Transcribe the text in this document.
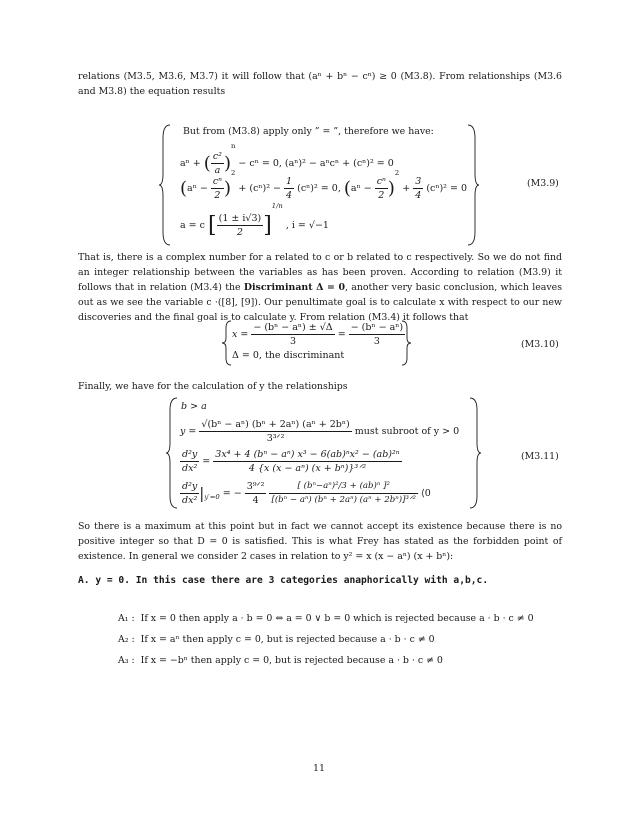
relations (M3.5, M3.6, M3.7) it will follow that (aⁿ + bⁿ − cⁿ) ≥ 0 (M3.8). From relationships (M3.6 and M3.8) the equation results
But from (M3.8) apply only ” = ”, therefore we have:
aⁿ + ( $\frac{\text{c²}}{a} )^n - c^n = 0$, (aⁿ)² − aⁿcⁿ + (cⁿ)² = 0
$(a^n - \frac{\text{cⁿ}}{2} )^2 + (c^n)^2 - \frac{1}{4} (c^n)^2 = 0$, $(a^n - \frac{\text{cⁿ}}{2} )^2 + \frac{3}{4} (c^n)^2 = 0$
a = c [ $\frac{(1 \pm i√3)}{2} ]^{1/n}$ , i = √−1
(M3.9)
That is, there is a complex number for a related to c or b related to c respectively. So we do not find an integer relationship between the variables as has been proven. According to relation (M3.9) it follows that in relation (M3.4) the Discriminant Δ = 0, another very basic conclusion, which leaves out as we see the variable c ·([8], [9]). Our penultimate goal is to calculate x with respect to our new discoveries and the final goal is to calculate y. From relation (M3.4) it follows that
$x = \frac{\text{− (bⁿ − aⁿ) ± √Δ}}{3} = \frac{\text{− (bⁿ − aⁿ)}}{3}$
Δ = 0, the discriminant
(M3.10)
Finally, we have for the calculation of y the relationships
b > a
$y = \frac{\text{√(bⁿ − aⁿ) (bⁿ + 2aⁿ) (aⁿ + 2bⁿ)}}{\text{3³ᐟ²}}$ must subroot of y > 0
$\frac{\text{d²y}}{\text{dx²}} = \frac{\text{3x⁴ + 4 (bⁿ − aⁿ) x³ − 6(ab)ⁿx² − (ab)²ⁿ}}{\text{4 \{x (x − aⁿ) (x + bⁿ)\}³ᐟ²}}$
$\frac{\text{d²y}}{\text{dx²}} |_{y'=0}$ = − $\frac{\text{3⁹ᐟ²}}{4}$
$\frac{\text{[ (bⁿ−aⁿ)²/3 + (ab)ⁿ ]²}}{\text{[(bⁿ − aⁿ) (bⁿ + 2aⁿ) (aⁿ + 2bⁿ)]³ᐟ²}}$ ⟨0
(M3.11)
So there is a maximum at this point but in fact we cannot accept its existence because there is no positive integer so that D = 0 is satisfied. This is what Frey has stated as the forbidden point of existence. In general we consider 2 cases in relation to y² = x (x − aⁿ) (x + bⁿ):
A. y = 0. In this case there are 3 categories anaphorically with a,b,c.
A₁ : If x = 0 then apply a · b = 0 ⇔ a = 0 ∨ b = 0 which is rejected because a · b · c ≠ 0
A₂ : If x = aⁿ then apply c = 0, but is rejected because a · b · c ≠ 0
A₃ : If x = −bⁿ then apply c = 0, but is rejected because a · b · c ≠ 0
11
